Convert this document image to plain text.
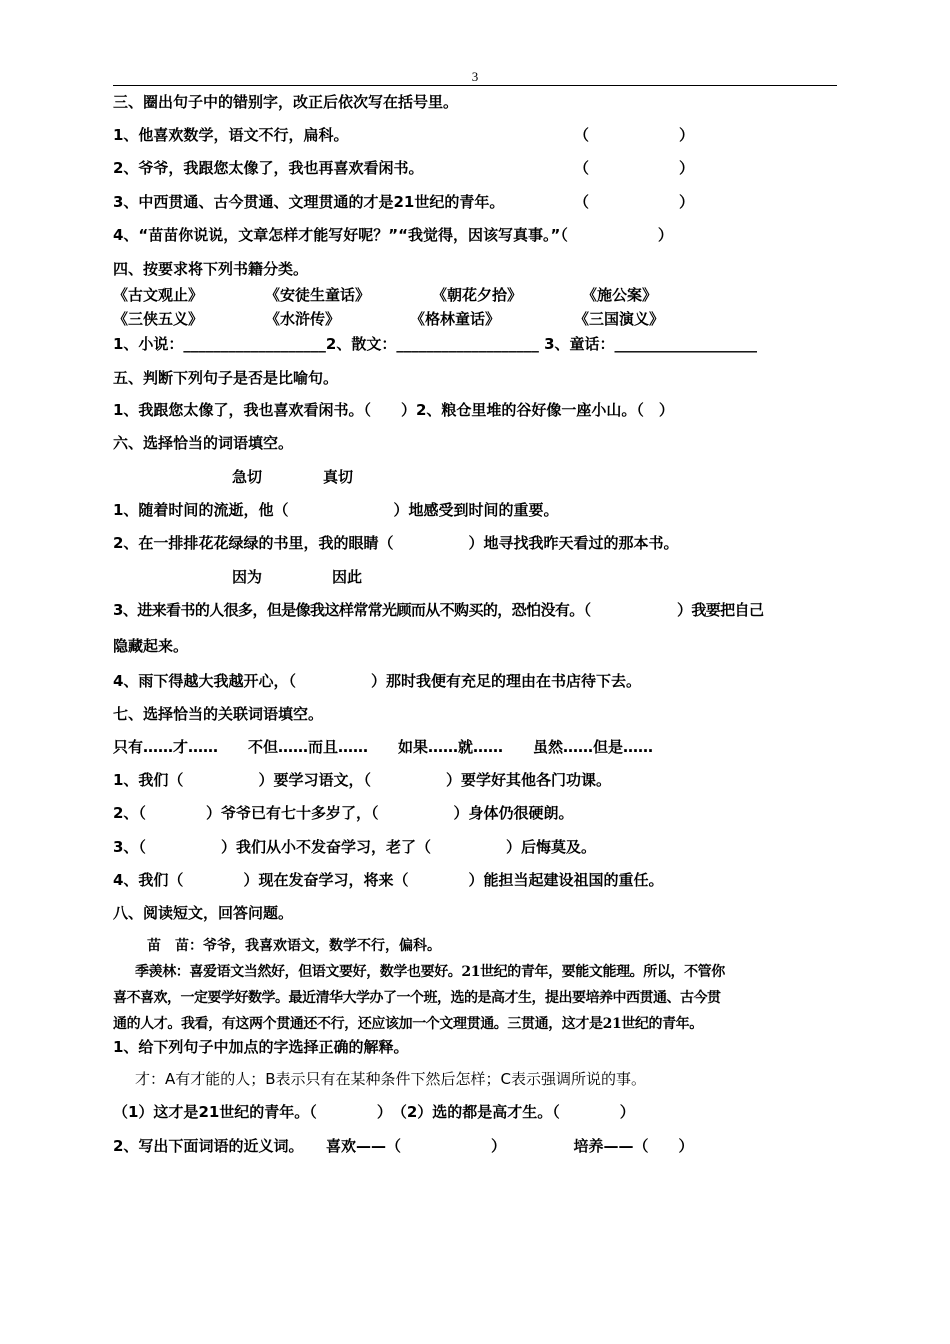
3
三、圈出句子中的错别字，改正后依次写在括号里。
1、他喜欢数学，语文不行，扁科。	（　　　　　　）
2、爷爷，我跟您太像了，我也再喜欢看闲书。	（　　　　　　）
3、中西贯通、古今贯通、文理贯通的才是21世纪的青年。	（　　　　　　）
4、“苗苗你说说，文章怎样才能写好呢？”“我觉得，因该写真事。”（　　　　　　）
四、按要求将下列书籍分类。
《古文观止》	《安徒生童话》	《朝花夕拾》	《施公案》
《三侠五义》	《水浒传》	《格林童话》	《三国演义》
1、小说：___________________2、散文：___________________ 3、童话：___________________
五、判断下列句子是否是比喻句。
1、我跟您太像了，我也喜欢看闲书。（　　）2、粮仓里堆的谷好像一座小山。（　）
六、选择恰当的词语填空。
急切	真切
1、随着时间的流逝，他（　　　　　　　）地感受到时间的重要。
2、在一排排花花绿绿的书里，我的眼睛（　　　　　）地寻找我昨天看过的那本书。
因为	因此
3、进来看书的人很多，但是像我这样常常光顾而从不购买的，恐怕没有。（　　　　　　）我要把自己
隐藏起来。
4、雨下得越大我越开心，（　　　　　）那时我便有充足的理由在书店待下去。
七、选择恰当的关联词语填空。
只有……才……　　不但……而且……　　如果……就……　　虽然……但是……
1、我们（　　　　　）要学习语文，（　　　　　）要学好其他各门功课。
2、（　　　　）爷爷已有七十多岁了，（　　　　　）身体仍很硬朗。
3、（　　　　　）我们从小不发奋学习，老了（　　　　　）后悔莫及。
4、我们（　　　　）现在发奋学习，将来（　　　　）能担当起建设祖国的重任。
八、阅读短文，回答问题。
苗　苗：爷爷，我喜欢语文，数学不行，偏科。
季羡林：喜爱语文当然好，但语文要好，数学也要好。21世纪的青年，要能文能理。所以，不管你
喜不喜欢，一定要学好数学。最近清华大学办了一个班，选的是高才生，提出要培养中西贯通、古今贯
通的人才。我看，有这两个贯通还不行，还应该加一个文理贯通。三贯通，这才是21世纪的青年。
1、给下列句子中加点的字选择正确的解释。
才：A有才能的人；B表示只有在某种条件下然后怎样；C表示强调所说的事。
（1）这才是21世纪的青年。（　　　　）　（2）选的都是高才生。（　　　　）
2、写出下面词语的近义词。　　喜欢——（　　　　　　）　　　　　培养——（　　）
